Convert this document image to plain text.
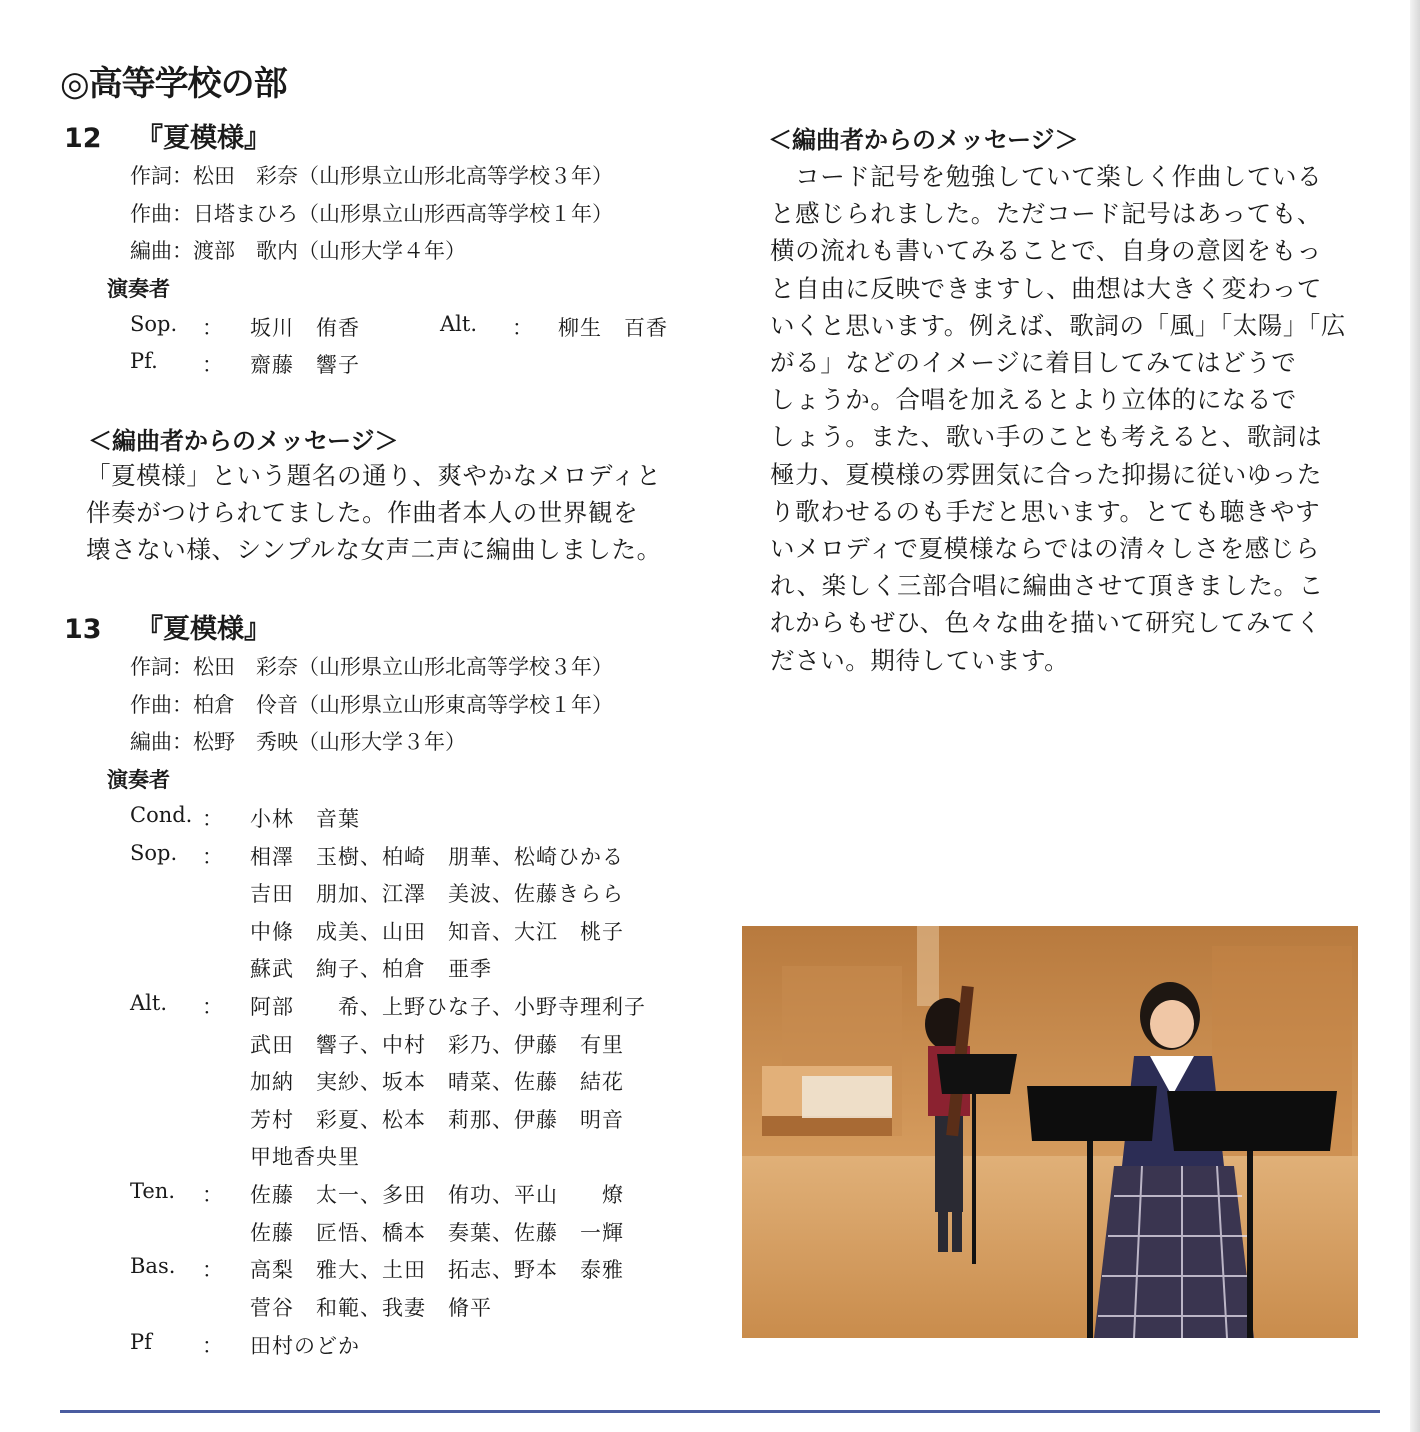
◎高等学校の部
12 『夏模様』
作詞：松田　彩奈（山形県立山形北高等学校３年）
作曲：日塔まひろ（山形県立山形西高等学校１年）
編曲：渡部　歌内（山形大学４年）
演奏者
Sop. ： 坂川　侑香	Alt. ： 柳生　百香
Pf. ： 齋藤　響子
＜編曲者からのメッセージ＞

「夏模様」という題名の通り、爽やかなメロディと

伴奏がつけられてました。作曲者本人の世界観を

壊さない様、シンプルな女声二声に編曲しました。

13 『夏模様』
作詞：松田　彩奈（山形県立山形北高等学校３年）
作曲：柏倉　伶音（山形県立山形東高等学校１年）
編曲：松野　秀映（山形大学３年）
演奏者
Cond. ： 小林　音葉
Sop. ： 相澤　玉樹、柏崎　朋華、松崎ひかる
吉田　朋加、江澤　美波、佐藤きらら
中條　成美、山田　知音、大江　桃子
蘇武　絢子、柏倉　亜季
Alt. ： 阿部　　希、上野ひな子、小野寺理利子
武田　響子、中村　彩乃、伊藤　有里
加納　実紗、坂本　晴菜、佐藤　結花
芳村　彩夏、松本　莉那、伊藤　明音
甲地香央里
Ten. ： 佐藤　太一、多田　侑功、平山　　燎
佐藤　匠悟、橋本　奏葉、佐藤　一輝
Bas. ： 高梨　雅大、土田　拓志、野本　泰雅
菅谷　和範、我妻　脩平
Pf ： 田村のどか
＜編曲者からのメッセージ＞

　コード記号を勉強していて楽しく作曲している

と感じられました。ただコード記号はあっても、

横の流れも書いてみることで、自身の意図をもっ

と自由に反映できますし、曲想は大きく変わって

いくと思います。例えば、歌詞の「風」「太陽」「広

がる」などのイメージに着目してみてはどうで

しょうか。合唱を加えるとより立体的になるで

しょう。また、歌い手のことも考えると、歌詞は

極力、夏模様の雰囲気に合った抑揚に従いゆった

り歌わせるのも手だと思います。とても聴きやす

いメロディで夏模様ならではの清々しさを感じら

れ、楽しく三部合唱に編曲させて頂きました。こ

れからもぜひ、色々な曲を描いて研究してみてく

ださい。期待しています。
